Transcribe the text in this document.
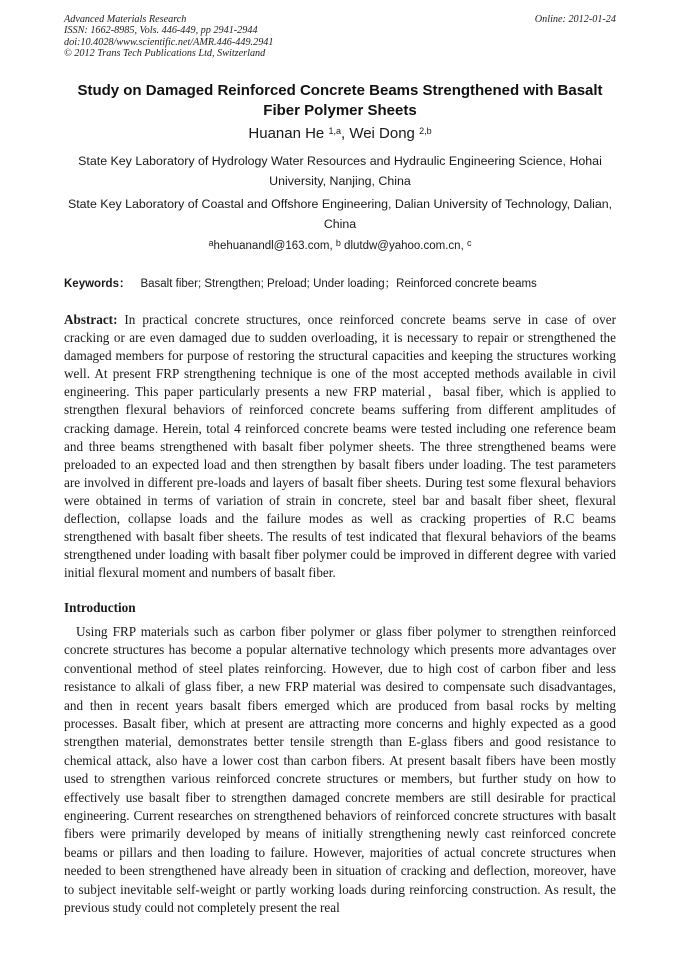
Advanced Materials Research
ISSN: 1662-8985, Vols. 446-449, pp 2941-2944
doi:10.4028/www.scientific.net/AMR.446-449.2941
© 2012 Trans Tech Publications Ltd, Switzerland
Online: 2012-01-24
Study on Damaged Reinforced Concrete Beams Strengthened with Basalt Fiber Polymer Sheets
Huanan He $^{1,a}$, Wei Dong $^{2,b}$
State Key Laboratory of Hydrology Water Resources and Hydraulic Engineering Science, Hohai University, Nanjing, China
State Key Laboratory of Coastal and Offshore Engineering, Dalian University of Technology, Dalian, China
$^a$hehuanandl@163.com, $^b$ dlutdw@yahoo.com.cn, $^c$
Keywords： Basalt fiber; Strengthen; Preload; Under loading；Reinforced concrete beams
Abstract: In practical concrete structures, once reinforced concrete beams serve in case of over cracking or are even damaged due to sudden overloading, it is necessary to repair or strengthened the damaged members for purpose of restoring the structural capacities and keeping the structures working well. At present FRP strengthening technique is one of the most accepted methods available in civil engineering. This paper particularly presents a new FRP material，basal fiber, which is applied to strengthen flexural behaviors of reinforced concrete beams suffering from different amplitudes of cracking damage. Herein, total 4 reinforced concrete beams were tested including one reference beam and three beams strengthened with basalt fiber polymer sheets. The three strengthened beams were preloaded to an expected load and then strengthen by basalt fibers under loading. The test parameters are involved in different pre-loads and layers of basalt fiber sheets. During test some flexural behaviors were obtained in terms of variation of strain in concrete, steel bar and basalt fiber sheet, flexural deflection, collapse loads and the failure modes as well as cracking properties of R.C beams strengthened with basalt fiber sheets. The results of test indicated that flexural behaviors of the beams strengthened under loading with basalt fiber polymer could be improved in different degree with varied initial flexural moment and numbers of basalt fiber.
Introduction
Using FRP materials such as carbon fiber polymer or glass fiber polymer to strengthen reinforced concrete structures has become a popular alternative technology which presents more advantages over conventional method of steel plates reinforcing. However, due to high cost of carbon fiber and less resistance to alkali of glass fiber, a new FRP material was desired to compensate such disadvantages, and then in recent years basalt fibers emerged which are produced from basal rocks by melting processes. Basalt fiber, which at present are attracting more concerns and highly expected as a good strengthen material, demonstrates better tensile strength than E-glass fibers and good resistance to chemical attack, also have a lower cost than carbon fibers. At present basalt fibers have been mostly used to strengthen various reinforced concrete structures or members, but further study on how to effectively use basalt fiber to strengthen damaged concrete members are still desirable for practical engineering. Current researches on strengthened behaviors of reinforced concrete structures with basalt fibers were primarily developed by means of initially strengthening newly cast reinforced concrete beams or pillars and then loading to failure. However, majorities of actual concrete structures when needed to been strengthened have already been in situation of cracking and deflection, moreover, have to subject inevitable self-weight or partly working loads during reinforcing construction. As result, the previous study could not completely present the real
